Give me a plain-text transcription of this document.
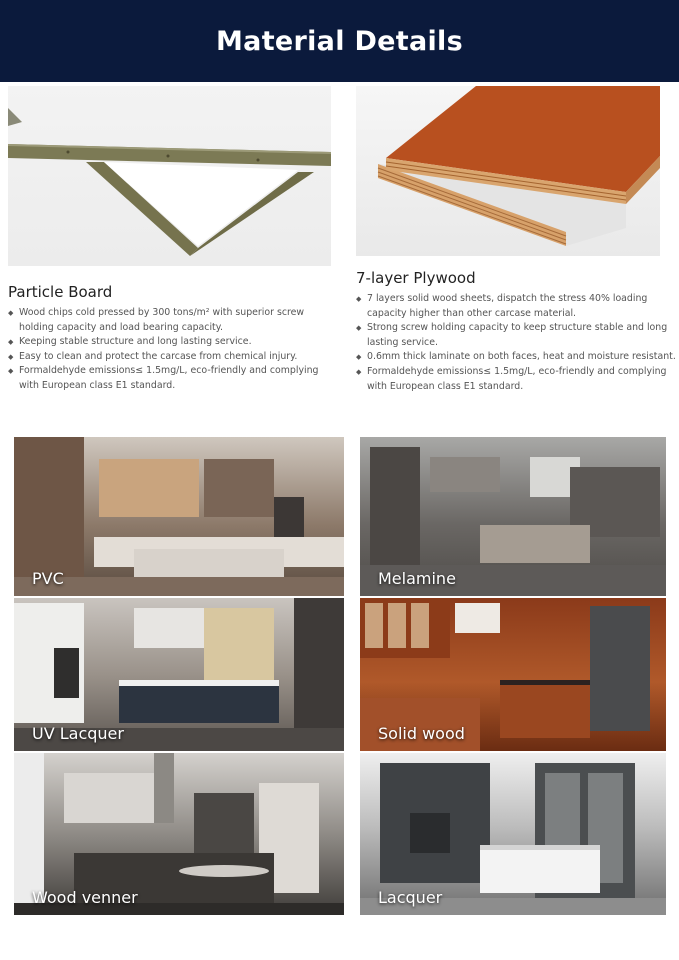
Material Details
Particle Board
◆ Wood chips cold pressed by 300 tons/m² with superior screw holding capacity and load bearing capacity.
◆ Keeping stable structure and long lasting service.
◆ Easy to clean and protect the carcase from chemical injury.
◆ Formaldehyde emissions≤ 1.5mg/L, eco-friendly and complying with European class E1 standard.
7-layer Plywood
◆ 7 layers solid wood sheets, dispatch the stress 40% loading capacity higher than other carcase material.
◆ Strong screw holding capacity to keep structure stable and long lasting service.
◆ 0.6mm thick laminate on both faces, heat and moisture resistant.
◆ Formaldehyde emissions≤ 1.5mg/L, eco-friendly and complying with European class E1 standard.
PVC	Melamine
UV Lacquer	Solid wood
Wood venner	Lacquer
